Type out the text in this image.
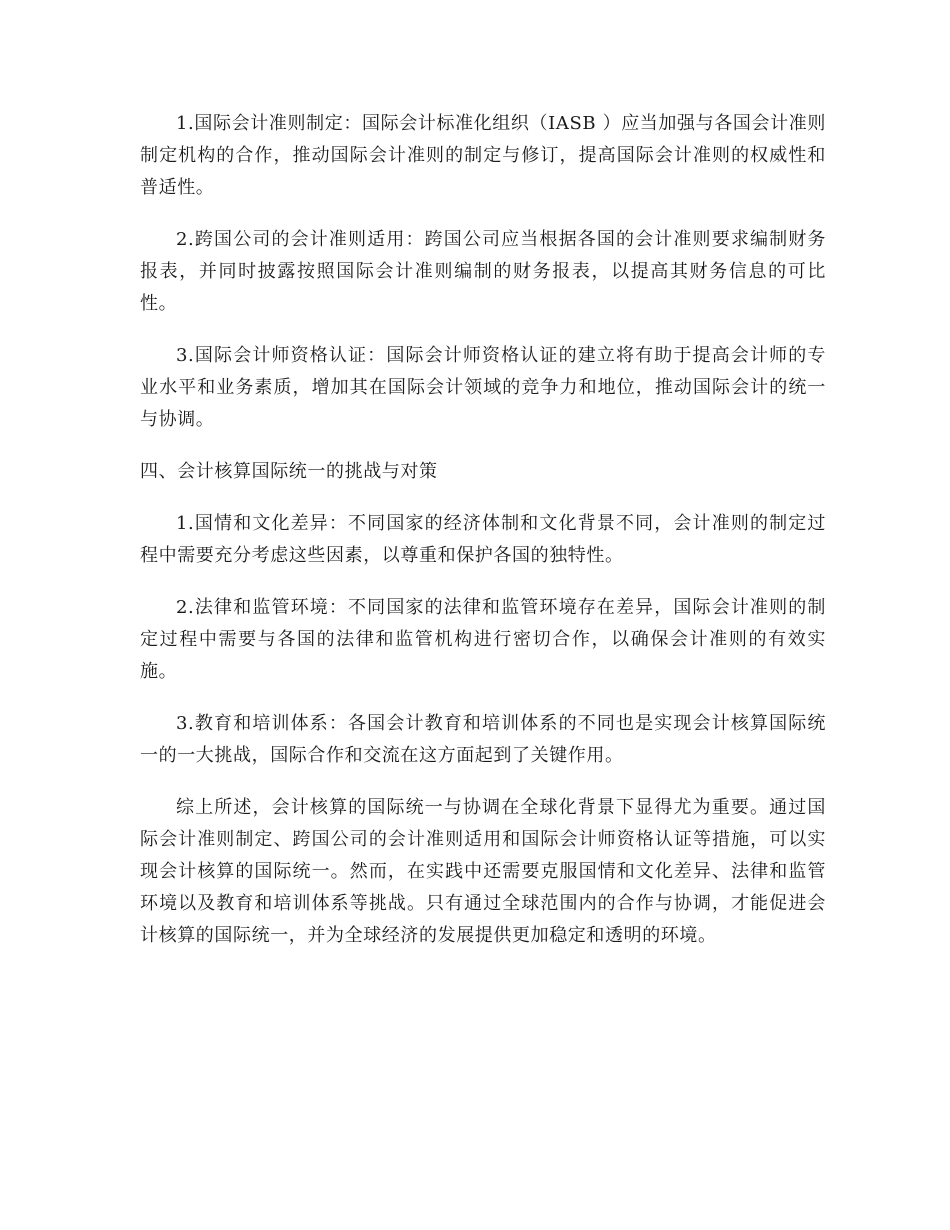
1.国际会计准则制定：国际会计标准化组织（IASB ）应当加强与各国会计准则制定机构的合作，推动国际会计准则的制定与修订，提高国际会计准则的权威性和普适性。

2.跨国公司的会计准则适用：跨国公司应当根据各国的会计准则要求编制财务报表，并同时披露按照国际会计准则编制的财务报表，以提高其财务信息的可比性。

3.国际会计师资格认证：国际会计师资格认证的建立将有助于提高会计师的专业水平和业务素质，增加其在国际会计领域的竞争力和地位，推动国际会计的统一与协调。

四、会计核算国际统一的挑战与对策

1.国情和文化差异：不同国家的经济体制和文化背景不同，会计准则的制定过程中需要充分考虑这些因素，以尊重和保护各国的独特性。

2.法律和监管环境：不同国家的法律和监管环境存在差异，国际会计准则的制定过程中需要与各国的法律和监管机构进行密切合作，以确保会计准则的有效实施。

3.教育和培训体系：各国会计教育和培训体系的不同也是实现会计核算国际统一的一大挑战，国际合作和交流在这方面起到了关键作用。

综上所述，会计核算的国际统一与协调在全球化背景下显得尤为重要。通过国际会计准则制定、跨国公司的会计准则适用和国际会计师资格认证等措施，可以实现会计核算的国际统一。然而，在实践中还需要克服国情和文化差异、法律和监管环境以及教育和培训体系等挑战。只有通过全球范围内的合作与协调，才能促进会计核算的国际统一，并为全球经济的发展提供更加稳定和透明的环境。
